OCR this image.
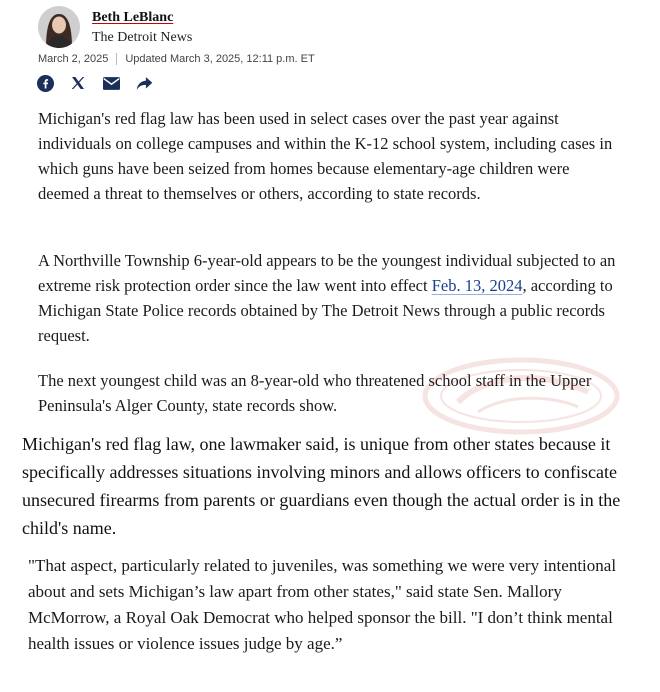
Beth LeBlanc
The Detroit News
March 2, 2025 Updated March 3, 2025, 12:11 p.m. ET

Michigan's red flag law has been used in select cases over the past year against individuals on college campuses and within the K-12 school system, including cases in which guns have been seized from homes because elementary-age children were deemed a threat to themselves or others, according to state records.

A Northville Township 6-year-old appears to be the youngest individual subjected to an extreme risk protection order since the law went into effect Feb. 13, 2024, according to Michigan State Police records obtained by The Detroit News through a public records request.

The next youngest child was an 8-year-old who threatened school staff in the Upper Peninsula's Alger County, state records show.

Michigan's red flag law, one lawmaker said, is unique from other states because it specifically addresses situations involving minors and allows officers to confiscate unsecured firearms from parents or guardians even though the actual order is in the child's name.

"That aspect, particularly related to juveniles, was something we were very intentional about and sets Michigan’s law apart from other states," said state Sen. Mallory McMorrow, a Royal Oak Democrat who helped sponsor the bill. "I don’t think mental health issues or violence issues judge by age.”
